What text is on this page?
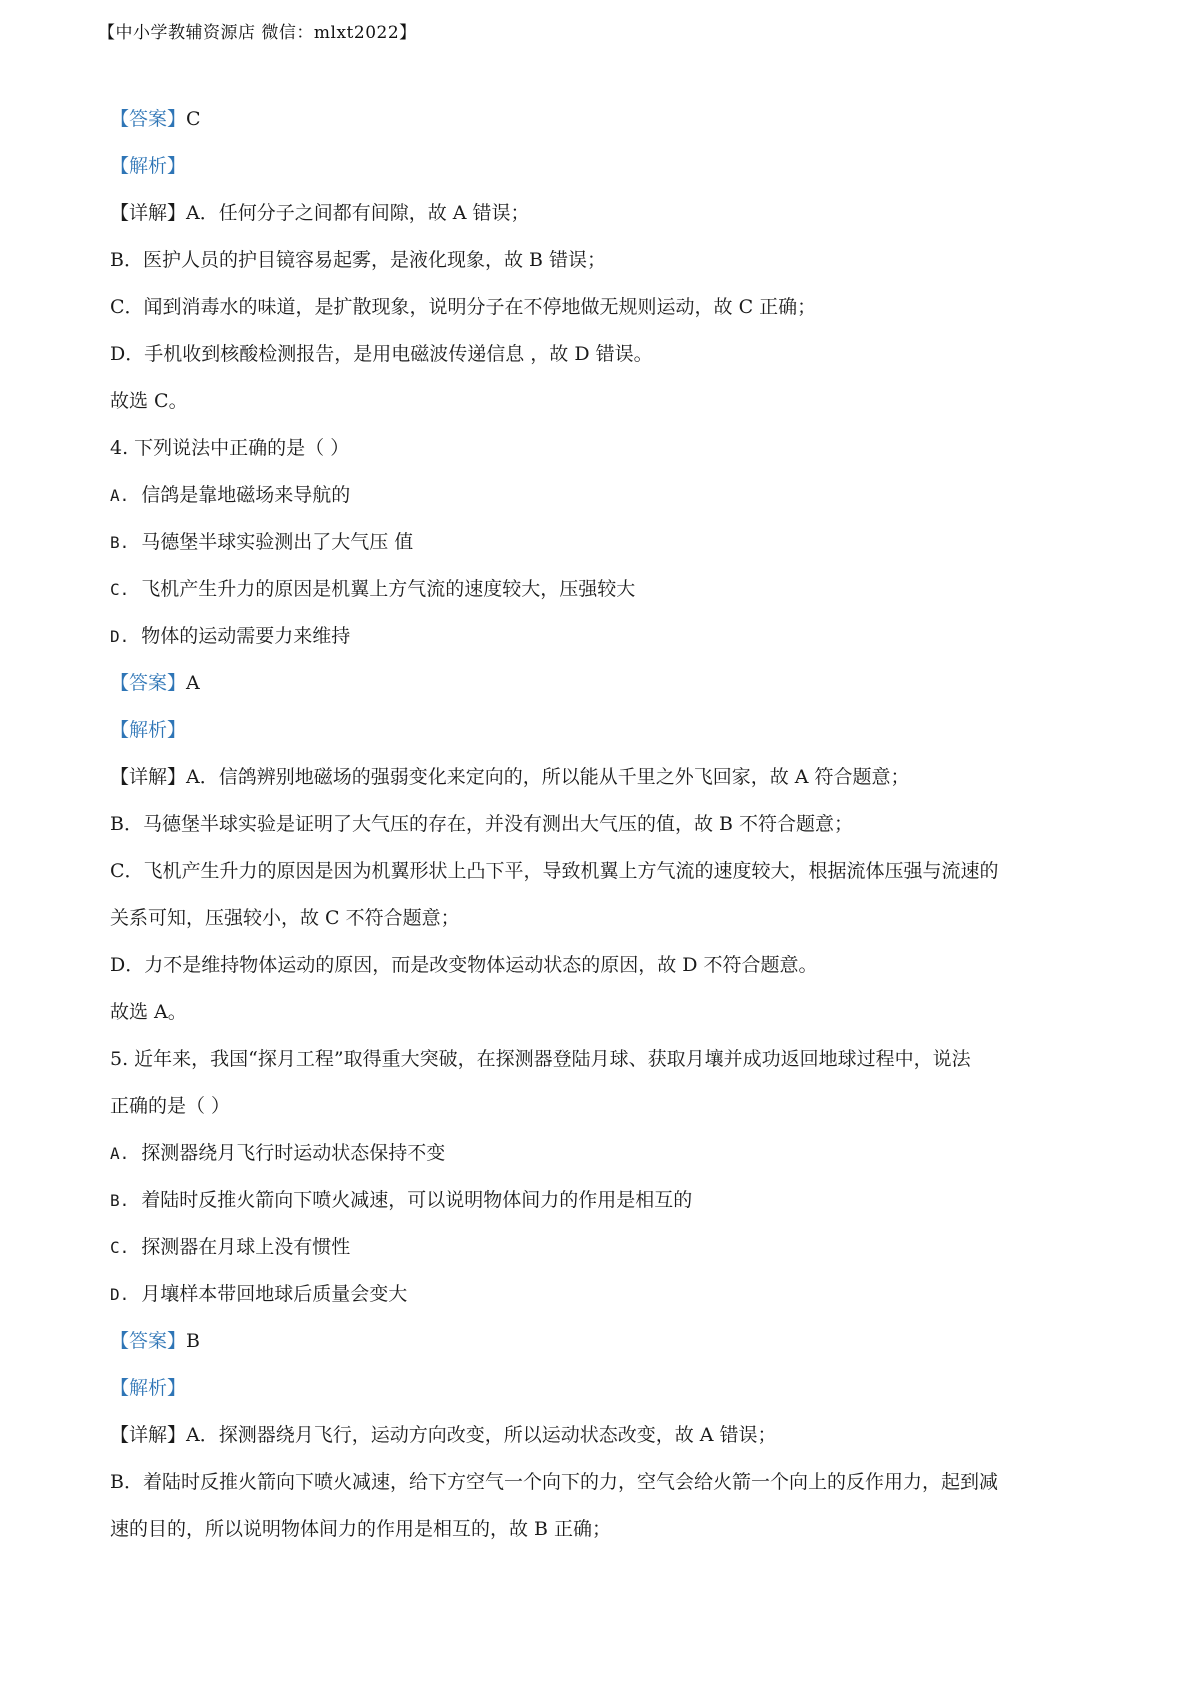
【中小学教辅资源店 微信：mlxt2022】
【答案】C
【解析】
【详解】A．任何分子之间都有间隙，故 A 错误；
B．医护人员的护目镜容易起雾，是液化现象，故 B 错误；
C．闻到消毒水的味道，是扩散现象，说明分子在不停地做无规则运动，故 C 正确；
D．手机收到核酸检测报告，是用电磁波传递信息 ，故 D 错误。
故选 C。
4. 下列说法中正确的是（ ）
A. 信鸽是靠地磁场来导航的
B. 马德堡半球实验测出了大气压 值
C. 飞机产生升力的原因是机翼上方气流的速度较大，压强较大
D. 物体的运动需要力来维持
【答案】A
【解析】
【详解】A．信鸽辨别地磁场的强弱变化来定向的，所以能从千里之外飞回家，故 A 符合题意；
B．马德堡半球实验是证明了大气压的存在，并没有测出大气压的值，故 B 不符合题意；
C．飞机产生升力的原因是因为机翼形状上凸下平，导致机翼上方气流的速度较大，根据流体压强与流速的
关系可知，压强较小，故 C 不符合题意；
D．力不是维持物体运动的原因，而是改变物体运动状态的原因，故 D 不符合题意。
故选 A。
5. 近年来，我国“探月工程”取得重大突破，在探测器登陆月球、获取月壤并成功返回地球过程中，说法
正确的是（ ）
A. 探测器绕月飞行时运动状态保持不变
B. 着陆时反推火箭向下喷火减速，可以说明物体间力的作用是相互的
C. 探测器在月球上没有惯性
D. 月壤样本带回地球后质量会变大
【答案】B
【解析】
【详解】A．探测器绕月飞行，运动方向改变，所以运动状态改变，故 A 错误；
B．着陆时反推火箭向下喷火减速，给下方空气一个向下的力，空气会给火箭一个向上的反作用力，起到减
速的目的，所以说明物体间力的作用是相互的，故 B 正确；
